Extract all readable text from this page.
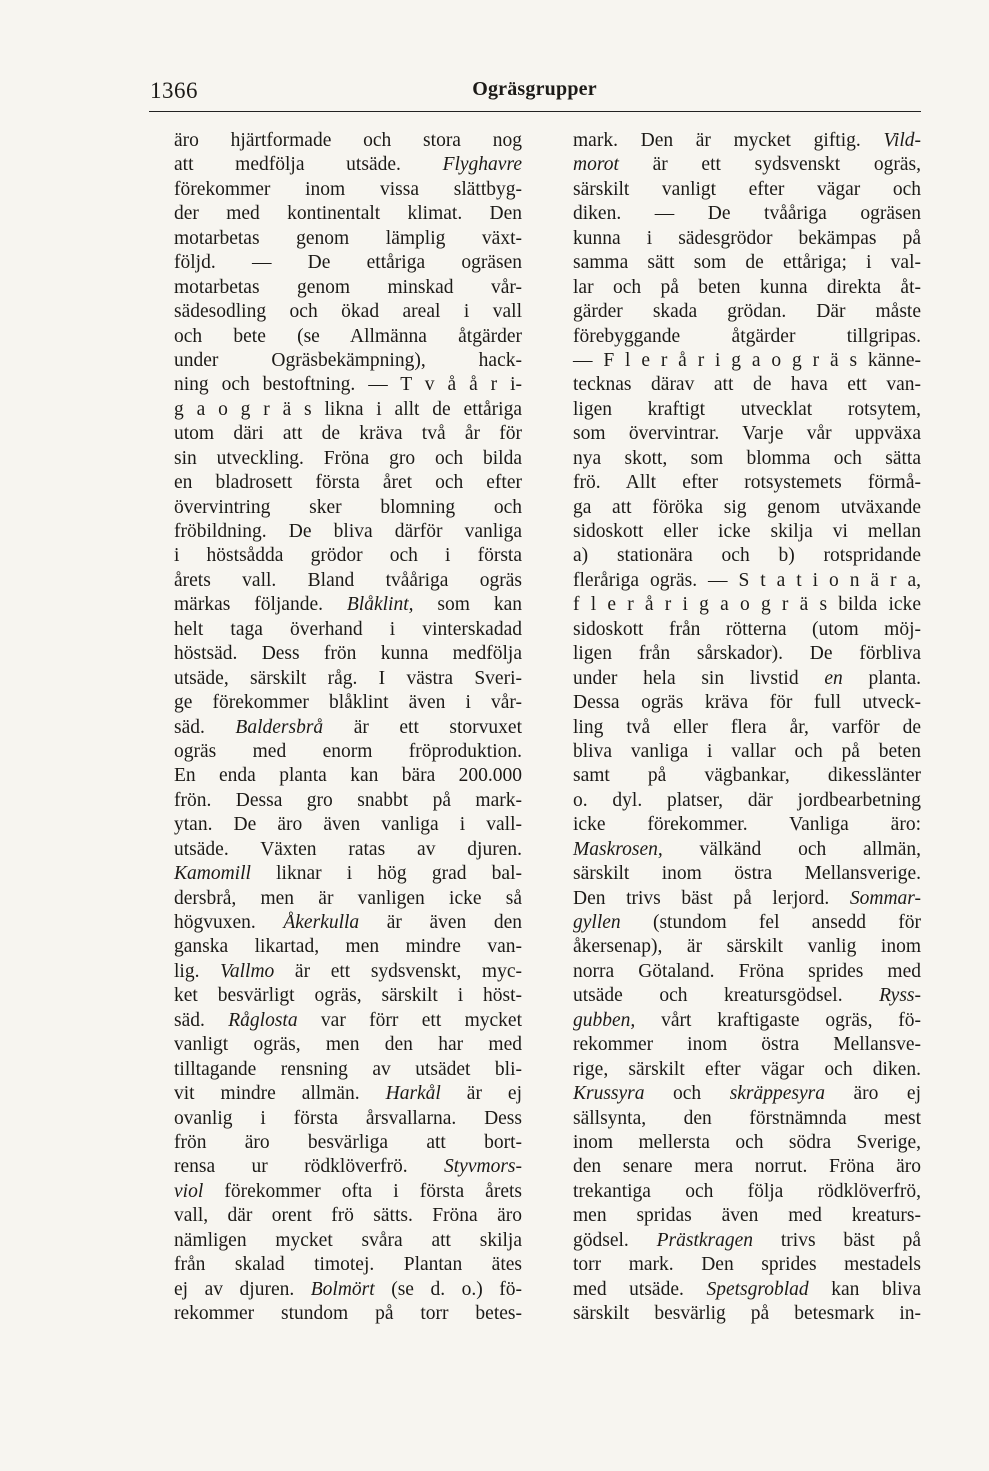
1366	Ogräsgrupper
äro hjärtformade och stora nog
att medfölja utsäde. Flyghavre
förekommer inom vissa slättbyg-
der med kontinentalt klimat. Den
motarbetas genom lämplig växt-
följd. — De ettåriga ogräsen
motarbetas genom minskad vår-
sädesodling och ökad areal i vall
och bete (se Allmänna åtgärder
under Ogräsbekämpning), hack-
ning och bestoftning. — T v å å r i-
g a o g r ä s likna i allt de ettåriga
utom däri att de kräva två år för
sin utveckling. Fröna gro och bilda
en bladrosett första året och efter
övervintring sker blomning och
fröbildning. De bliva därför vanliga
i höstsådda grödor och i första
årets vall. Bland tvååriga ogräs
märkas följande. Blåklint, som kan
helt taga överhand i vinterskadad
höstsäd. Dess frön kunna medfölja
utsäde, särskilt råg. I västra Sveri-
ge förekommer blåklint även i vår-
säd. Baldersbrå är ett storvuxet
ogräs med enorm fröproduktion.
En enda planta kan bära 200.000
frön. Dessa gro snabbt på mark-
ytan. De äro även vanliga i vall-
utsäde. Växten ratas av djuren.
Kamomill liknar i hög grad bal-
dersbrå, men är vanligen icke så
högvuxen. Åkerkulla är även den
ganska likartad, men mindre van-
lig. Vallmo är ett sydsvenskt, myc-
ket besvärligt ogräs, särskilt i höst-
säd. Råglosta var förr ett mycket
vanligt ogräs, men den har med
tilltagande rensning av utsädet bli-
vit mindre allmän. Harkål är ej
ovanlig i första årsvallarna. Dess
frön äro besvärliga att bort-
rensa ur rödklöverfrö. Styvmors-
viol förekommer ofta i första årets
vall, där orent frö sätts. Fröna äro
nämligen mycket svåra att skilja
från skalad timotej. Plantan ätes
ej av djuren. Bolmört (se d. o.) fö-
rekommer stundom på torr betes-
mark. Den är mycket giftig. Vild-
morot är ett sydsvenskt ogräs,
särskilt vanligt efter vägar och
diken. — De tvååriga ogräsen
kunna i sädesgrödor bekämpas på
samma sätt som de ettåriga; i val-
lar och på beten kunna direkta åt-
gärder skada grödan. Där måste
förebyggande åtgärder tillgripas.
— F l e r å r i g a o g r ä s känne-
tecknas därav att de hava ett van-
ligen kraftigt utvecklat rotsytem,
som övervintrar. Varje vår uppväxa
nya skott, som blomma och sätta
frö. Allt efter rotsystemets förmå-
ga att föröka sig genom utväxande
sidoskott eller icke skilja vi mellan
a) stationära och b) rotspridande
fleråriga ogräs. — S t a t i o n ä r a,
f l e r å r i g a o g r ä s bilda icke
sidoskott från rötterna (utom möj-
ligen från sårskador). De förbliva
under hela sin livstid en planta.
Dessa ogräs kräva för full utveck-
ling två eller flera år, varför de
bliva vanliga i vallar och på beten
samt på vägbankar, dikesslänter
o. dyl. platser, där jordbearbetning
icke förekommer. Vanliga äro:
Maskrosen, välkänd och allmän,
särskilt inom östra Mellansverige.
Den trivs bäst på lerjord. Sommar-
gyllen (stundom fel ansedd för
åkersenap), är särskilt vanlig inom
norra Götaland. Fröna sprides med
utsäde och kreatursgödsel. Ryss-
gubben, vårt kraftigaste ogräs, fö-
rekommer inom östra Mellansve-
rige, särskilt efter vägar och diken.
Krussyra och skräppesyra äro ej
sällsynta, den förstnämnda mest
inom mellersta och södra Sverige,
den senare mera norrut. Fröna äro
trekantiga och följa rödklöverfrö,
men spridas även med kreaturs-
gödsel. Prästkragen trivs bäst på
torr mark. Den sprides mestadels
med utsäde. Spetsgroblad kan bliva
särskilt besvärlig på betesmark in-
